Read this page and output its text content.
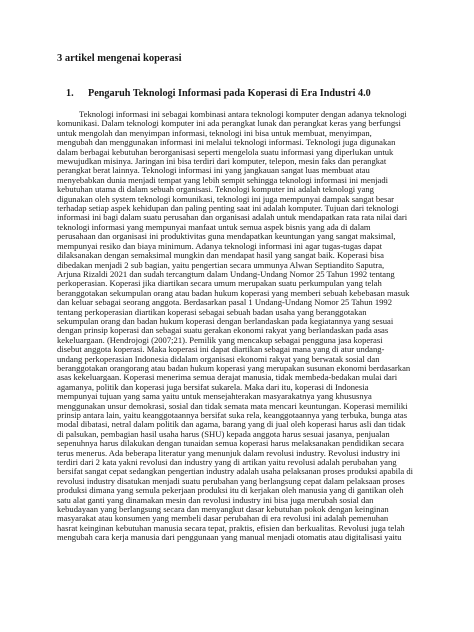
3 artikel mengenai koperasi
1. Pengaruh Teknologi Informasi pada Koperasi di Era Industri 4.0
Teknologi informasi ini sebagai kombinasi antara teknologi komputer dengan adanya teknologi
komunikasi. Dalam teknologi komputer ini ada perangkat lunak dan perangkat keras yang berfungsi
untuk mengolah dan menyimpan informasi, teknologi ini bisa untuk membuat, menyimpan,
mengubah dan menggunakan informasi ini melalui teknologi informasi. Teknologi juga digunakan
dalam berbagai kebutuhan berorganisasi seperti mengelola suatu informasi yang diperlukan untuk
mewujudkan misinya. Jaringan ini bisa terdiri dari komputer, telepon, mesin faks dan perangkat
perangkat berat lainnya. Teknologi informasi ini yang jangkauan sangat luas membuat atau
menyebabkan dunia menjadi tempat yang lebih sempit sehingga teknologi informasi ini menjadi
kebutuhan utama di dalam sebuah organisasi. Teknologi komputer ini adalah teknologi yang
digunakan oleh system teknologi komunikasi, teknologi ini juga mempunyai dampak sangat besar
terhadap setiap aspek kehidupan dan paling penting saat ini adalah komputer. Tujuan dari teknologi
informasi ini bagi dalam suatu perusahan dan organisasi adalah untuk mendapatkan rata rata nilai dari
teknologi informasi yang mempunyai manfaat untuk semua aspek bisnis yang ada di dalam
perusahaan dan organisasi ini produktivitas guna mendapatkan keuntungan yang sangat maksimal,
mempunyai resiko dan biaya minimum. Adanya teknologi informasi ini agar tugas-tugas dapat
dilaksanakan dengan semaksimal mungkin dan mendapat hasil yang sangat baik. Koperasi bisa
dibedakan menjadi 2 sub bagian, yaitu pengertian secara ummunya Alwan Septiandito Saputra,
Arjuna Rizaldi 2021 dan sudah tercangtum dalam Undang-Undang Nomor 25 Tahun 1992 tentang
perkoperasian. Koperasi jika diartikan secara umum merupakan suatu perkumpulan yang telah
beranggotakan sekumpulan orang atau badan hukum koperasi yang memberi sebuah kebebasan masuk
dan keluar sebagai seorang anggota. Berdasarkan pasal 1 Undang-Undang Nomor 25 Tahun 1992
tentang perkoperasian diartikan koperasi sebagai sebuah badan usaha yang beranggotakan
sekumpulan orang dan badan hukum koperasi dengan berlandaskan pada kegiatannya yang sesuai
dengan prinsip koperasi dan sebagai suatu gerakan ekonomi rakyat yang berlandaskan pada asas
kekeluargaan. (Hendrojogi (2007;21). Pemilik yang mencakup sebagai pengguna jasa koperasi
disebut anggota koperasi. Maka koperasi ini dapat diartikan sebagai mana yang di atur undang-
undang perkoperasian Indonesia didalam organisasi ekonomi rakyat yang berwatak sosial dan
beranggotakan orangorang atau badan hukum koperasi yang merupakan susunan ekonomi berdasarkan
asas kekeluargaan. Koperasi menerima semua derajat manusia, tidak membeda-bedakan mulai dari
agamanya, politik dan koperasi juga bersifat sukarela. Maka dari itu, koperasi di Indonesia
mempunyai tujuan yang sama yaitu untuk mensejahterakan masyarakatnya yang khususnya
menggunakan unsur demokrasi, sosial dan tidak semata mata mencari keuntungan. Koperasi memiliki
prinsip antara lain, yaitu keanggotaannya bersifat suka rela, keanggotaannya yang terbuka, bunga atas
modal dibatasi, netral dalam politik dan agama, barang yang di jual oleh koperasi harus asli dan tidak
di palsukan, pembagian hasil usaha harus (SHU) kepada anggota harus sesuai jasanya, penjualan
sepenuhnya harus dilakukan dengan tunaidan semua koperasi harus melaksanakan pendidikan secara
terus menerus. Ada beberapa literatur yang menunjuk dalam revolusi industry. Revolusi industry ini
terdiri dari 2 kata yakni revolusi dan industry yang di artikan yaitu revolusi adalah perubahan yang
bersifat sangat cepat sedangkan pengertian industry adalah usaha pelaksanan proses produksi apabila di
revolusi industry disatukan menjadi suatu perubahan yang berlangsung cepat dalam pelaksaan proses
produksi dimana yang semula pekerjaan produksi itu di kerjakan oleh manusia yang di gantikan oleh
satu alat ganti yang dinamakan mesin dan revolusi industry ini bisa juga merubah sosial dan
kebudayaan yang berlangsung secara dan menyangkut dasar kebutuhan pokok dengan keinginan
masyarakat atau konsumen yang membeli dasar perubahan di era revolusi ini adalah pemenuhan
hasrat keinginan kebutuhan manusia secara tepat, praktis, efisien dan berkualitas. Revolusi juga telah
mengubah cara kerja manusia dari penggunaan yang manual menjadi otomatis atau digitalisasi yaitu
